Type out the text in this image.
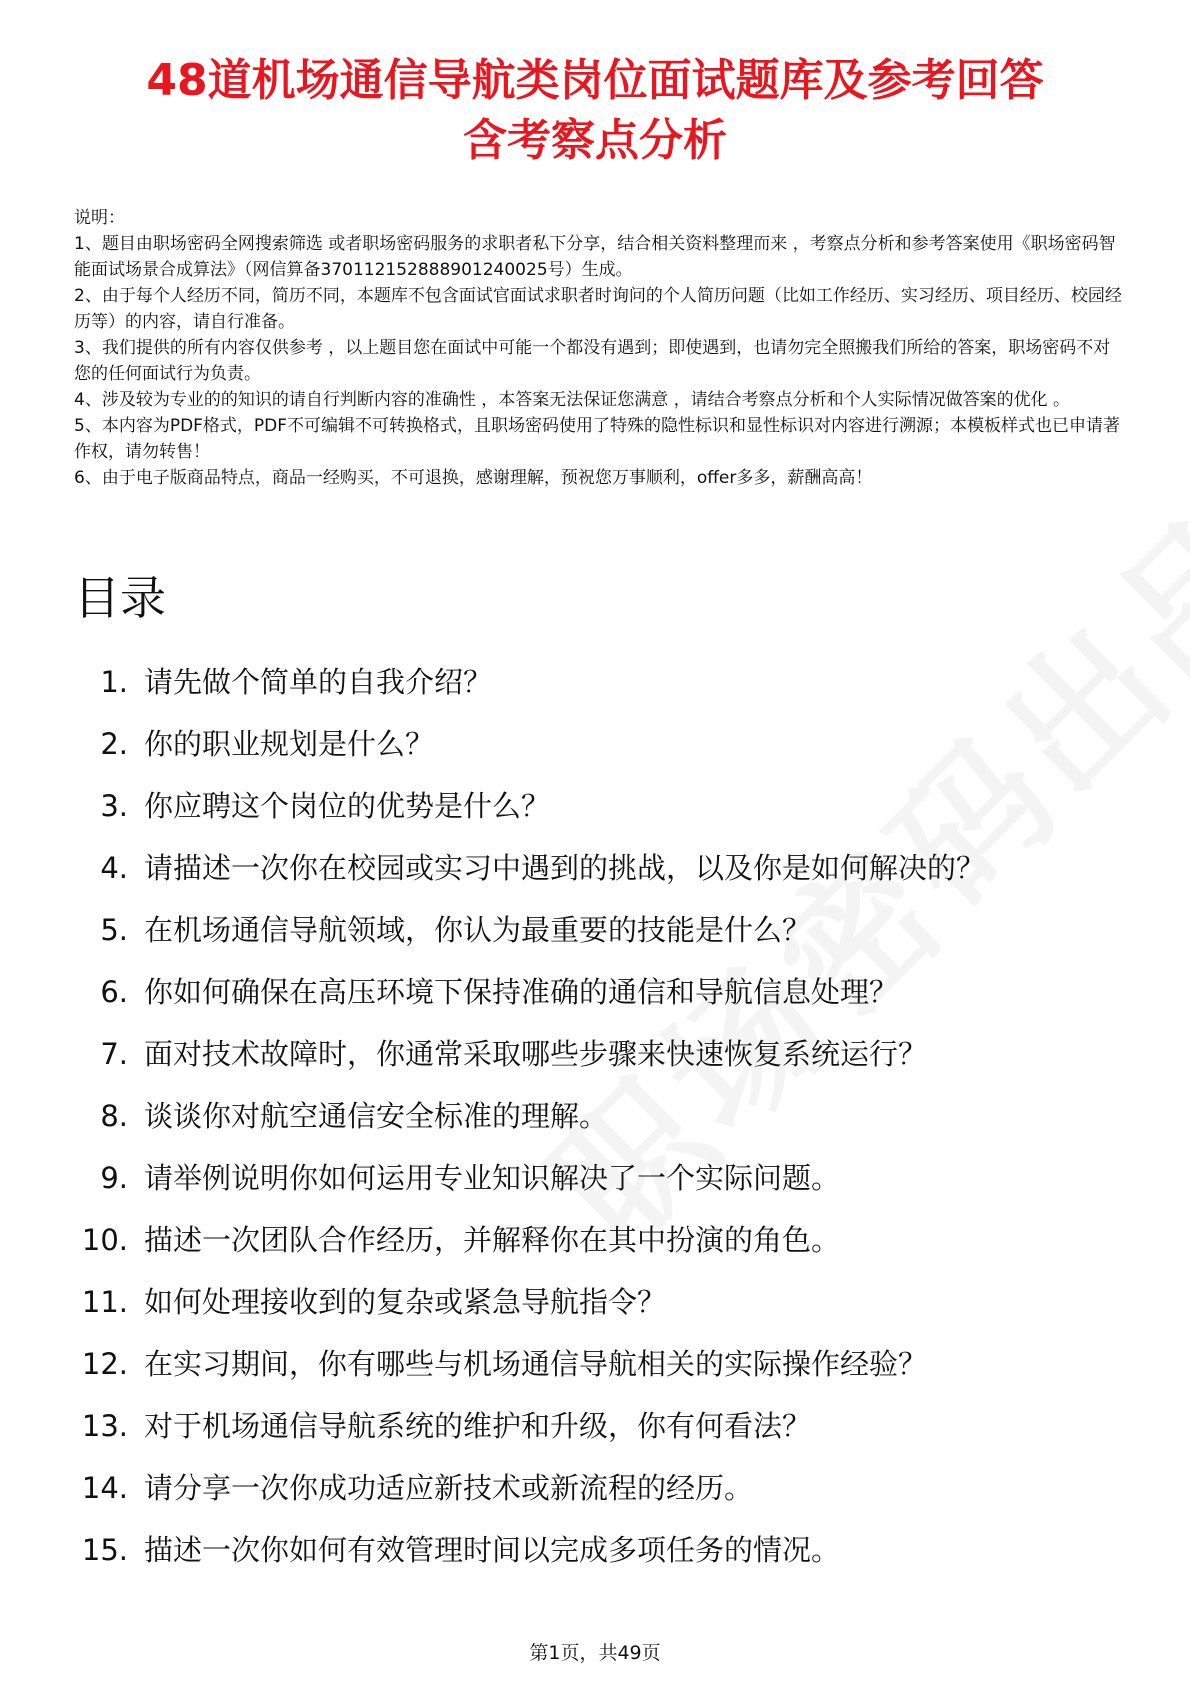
48道机场通信导航类岗位面试题库及参考回答
含考察点分析

说明：

1、题目由职场密码全网搜索筛选 或者职场密码服务的求职者私下分享，结合相关资料整理而来 ，考察点分析和参考答案使用《职场密码智能面试场景合成算法》（网信算备370112152888901240025号）生成。

2、由于每个人经历不同，简历不同，本题库不包含面试官面试求职者时询问的个人简历问题（比如工作经历、实习经历、项目经历、校园经历等）的内容，请自行准备。

3、我们提供的所有内容仅供参考 ，以上题目您在面试中可能一个都没有遇到；即使遇到，也请勿完全照搬我们所给的答案，职场密码不对您的任何面试行为负责。

4、涉及较为专业的的知识的请自行判断内容的准确性 ，本答案无法保证您满意 ，请结合考察点分析和个人实际情况做答案的优化 。

5、本内容为PDF格式，PDF不可编辑不可转换格式，且职场密码使用了特殊的隐性标识和显性标识对内容进行溯源；本模板样式也已申请著作权，请勿转售！

6、由于电子版商品特点，商品一经购买，不可退换，感谢理解，预祝您万事顺利，offer多多，薪酬高高！

目录
1. 请先做个简单的自我介绍？
2. 你的职业规划是什么？
3. 你应聘这个岗位的优势是什么？
4. 请描述一次你在校园或实习中遇到的挑战，以及你是如何解决的？
5. 在机场通信导航领域，你认为最重要的技能是什么？
6. 你如何确保在高压环境下保持准确的通信和导航信息处理？
7. 面对技术故障时，你通常采取哪些步骤来快速恢复系统运行？
8. 谈谈你对航空通信安全标准的理解。
9. 请举例说明你如何运用专业知识解决了一个实际问题。
10. 描述一次团队合作经历，并解释你在其中扮演的角色。
11. 如何处理接收到的复杂或紧急导航指令？
12. 在实习期间，你有哪些与机场通信导航相关的实际操作经验？
13. 对于机场通信导航系统的维护和升级，你有何看法？
14. 请分享一次你成功适应新技术或新流程的经历。
15. 描述一次你如何有效管理时间以完成多项任务的情况。
第1页，共49页
